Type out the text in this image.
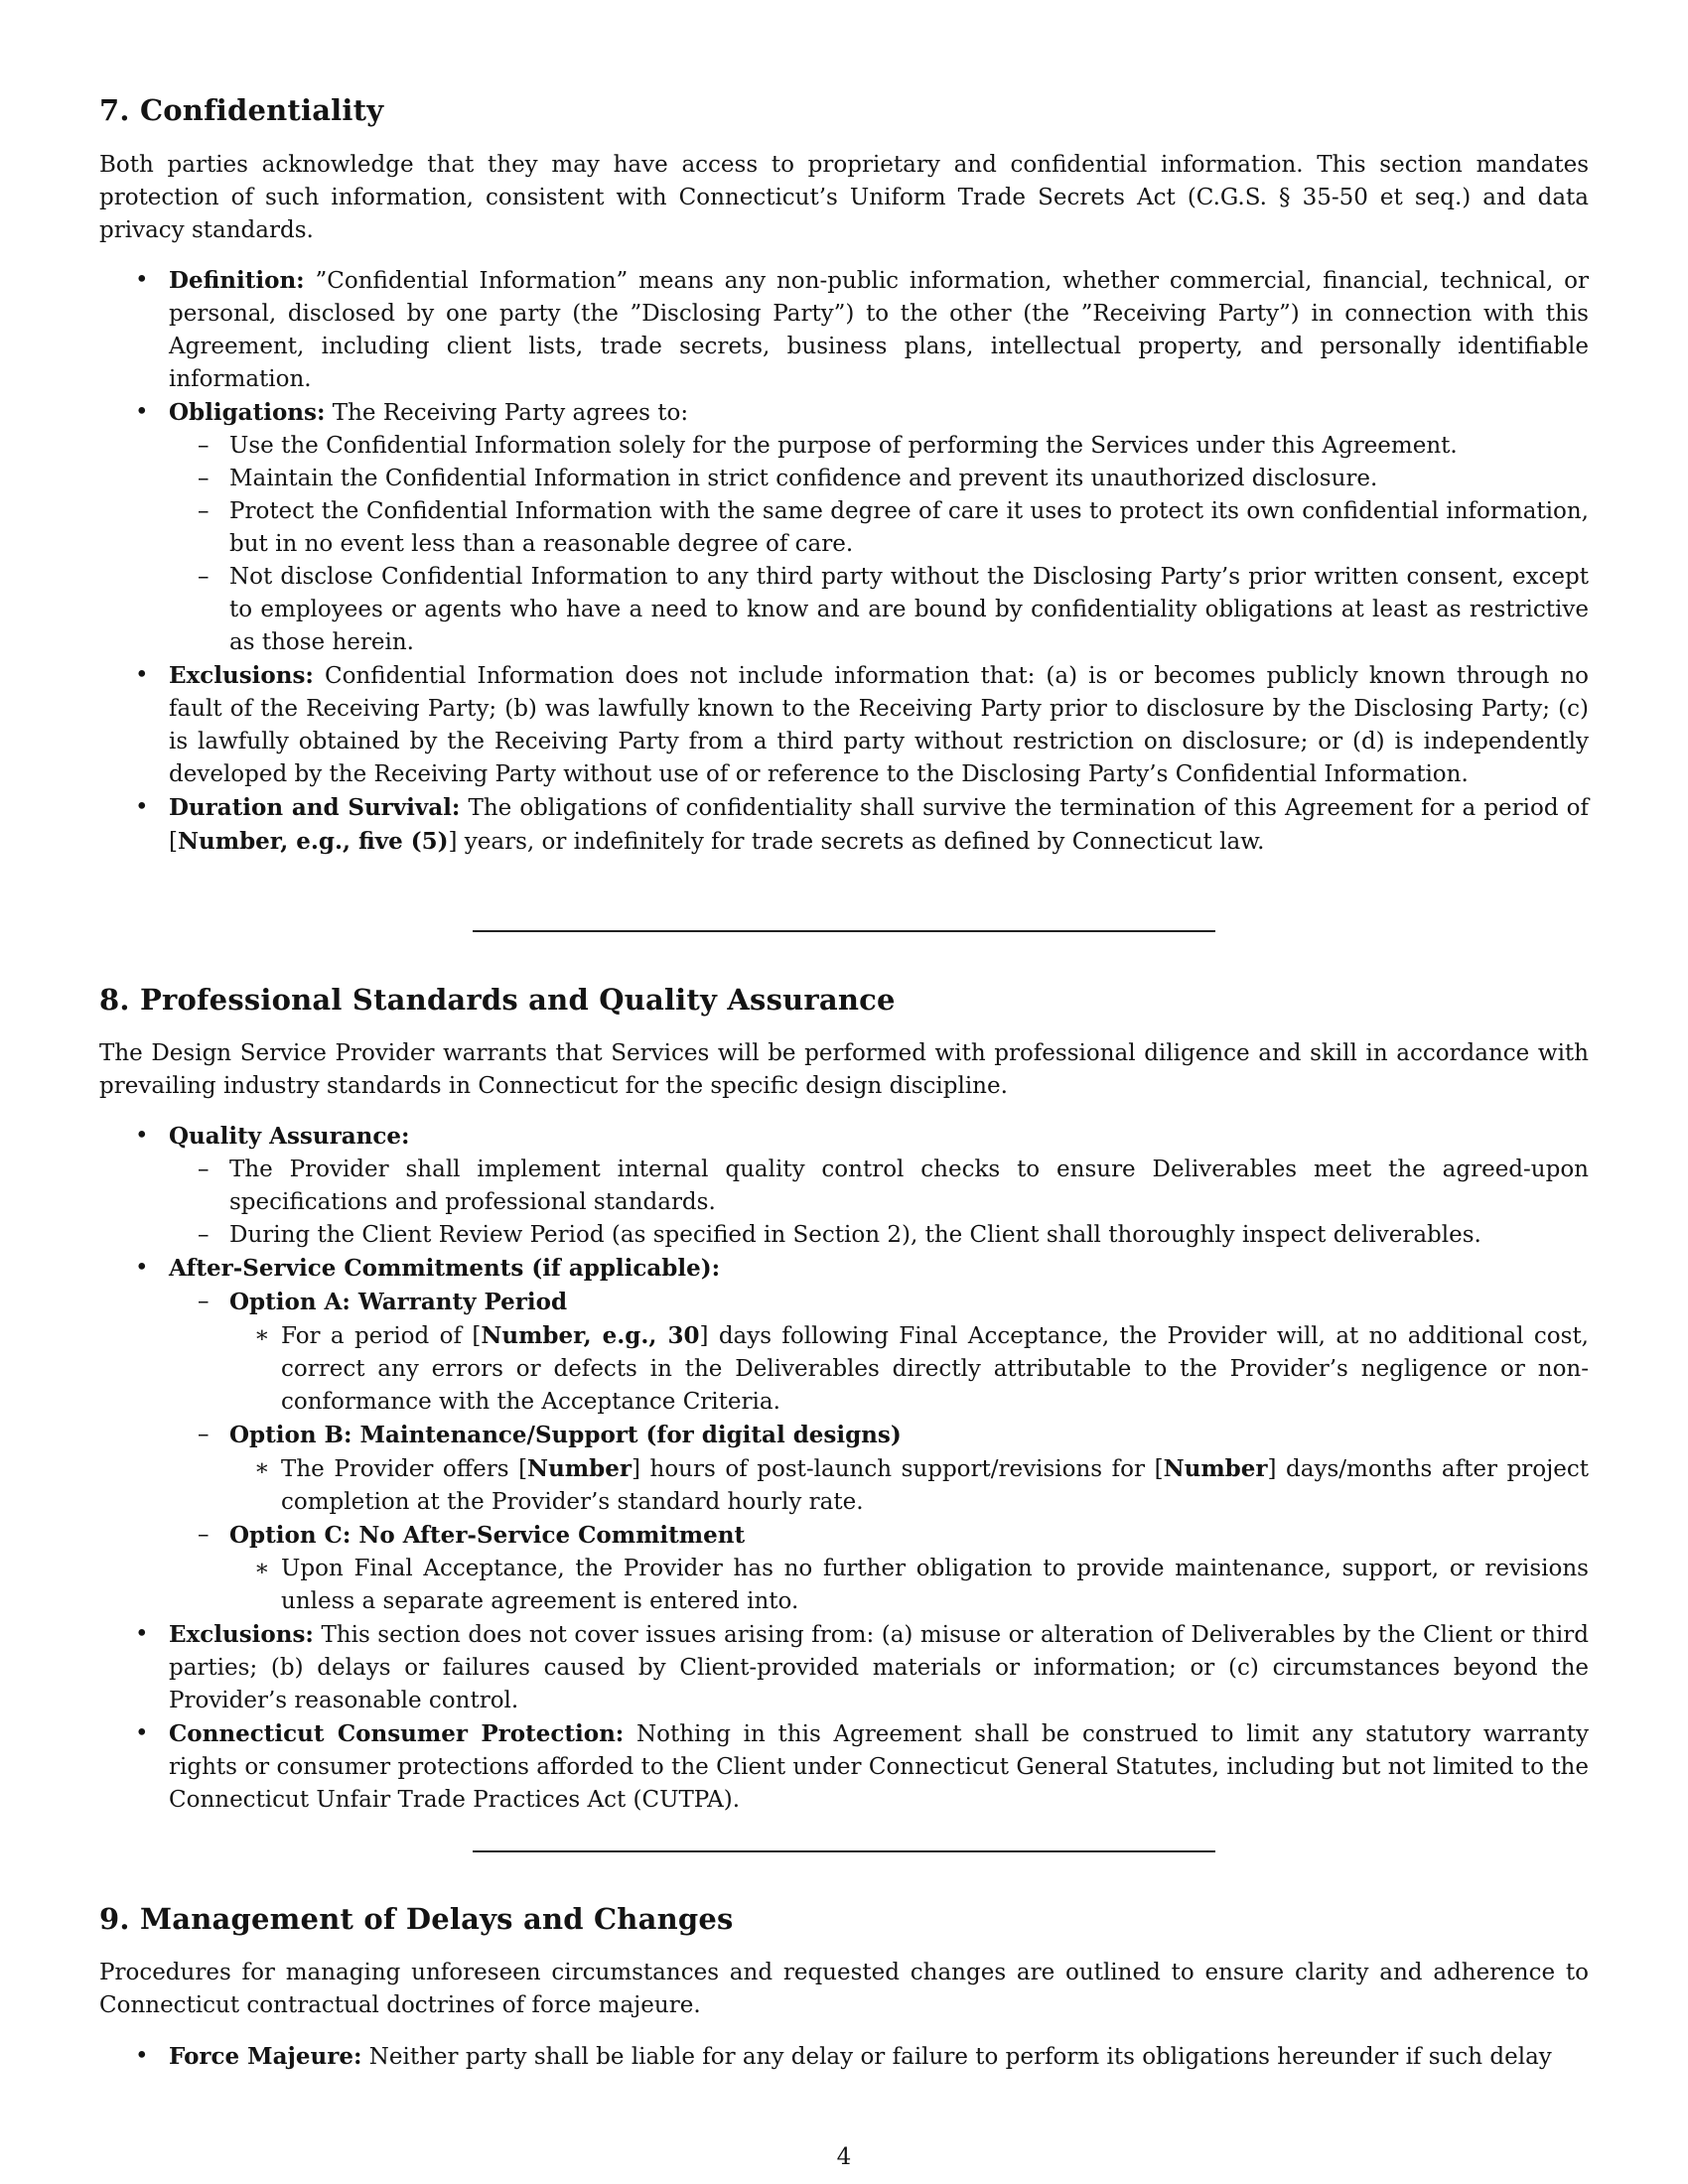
7. Confidentiality

Both parties acknowledge that they may have access to proprietary and confidential information. This section mandates protection of such information, consistent with Connecticut’s Uniform Trade Secrets Act (C.G.S. § 35-50 et seq.) and data privacy standards.

• Definition: ”Confidential Information” means any non-public information, whether commercial, financial, technical, or personal, disclosed by one party (the ”Disclosing Party”) to the other (the ”Receiving Party”) in connection with this Agreement, including client lists, trade secrets, business plans, intellectual property, and personally identifiable information.
• Obligations: The Receiving Party agrees to:
– Use the Confidential Information solely for the purpose of performing the Services under this Agreement.
– Maintain the Confidential Information in strict confidence and prevent its unauthorized disclosure.
– Protect the Confidential Information with the same degree of care it uses to protect its own confidential information, but in no event less than a reasonable degree of care.
– Not disclose Confidential Information to any third party without the Disclosing Party’s prior written consent, except to employees or agents who have a need to know and are bound by confidentiality obligations at least as restrictive as those herein.
• Exclusions: Confidential Information does not include information that: (a) is or becomes publicly known through no fault of the Receiving Party; (b) was lawfully known to the Receiving Party prior to disclosure by the Disclosing Party; (c) is lawfully obtained by the Receiving Party from a third party without restriction on disclosure; or (d) is independently developed by the Receiving Party without use of or reference to the Disclosing Party’s Confidential Information.
• Duration and Survival: The obligations of confidentiality shall survive the termination of this Agreement for a period of [Number, e.g., five (5)] years, or indefinitely for trade secrets as defined by Connecticut law.
8. Professional Standards and Quality Assurance

The Design Service Provider warrants that Services will be performed with professional diligence and skill in accordance with prevailing industry standards in Connecticut for the specific design discipline.

• Quality Assurance:
– The Provider shall implement internal quality control checks to ensure Deliverables meet the agreed-upon specifications and professional standards.
– During the Client Review Period (as specified in Section 2), the Client shall thoroughly inspect deliverables.
• After-Service Commitments (if applicable):
– Option A: Warranty Period
∗ For a period of [Number, e.g., 30] days following Final Acceptance, the Provider will, at no additional cost, correct any errors or defects in the Deliverables directly attributable to the Provider’s negligence or non-conformance with the Acceptance Criteria.
– Option B: Maintenance/Support (for digital designs)
∗ The Provider offers [Number] hours of post-launch support/revisions for [Number] days/months after project completion at the Provider’s standard hourly rate.
– Option C: No After-Service Commitment
∗ Upon Final Acceptance, the Provider has no further obligation to provide maintenance, support, or revisions unless a separate agreement is entered into.
• Exclusions: This section does not cover issues arising from: (a) misuse or alteration of Deliverables by the Client or third parties; (b) delays or failures caused by Client-provided materials or information; or (c) circumstances beyond the Provider’s reasonable control.
• Connecticut Consumer Protection: Nothing in this Agreement shall be construed to limit any statutory warranty rights or consumer protections afforded to the Client under Connecticut General Statutes, including but not limited to the Connecticut Unfair Trade Practices Act (CUTPA).
9. Management of Delays and Changes

Procedures for managing unforeseen circumstances and requested changes are outlined to ensure clarity and adherence to Connecticut contractual doctrines of force majeure.

• Force Majeure: Neither party shall be liable for any delay or failure to perform its obligations hereunder if such delay
4
